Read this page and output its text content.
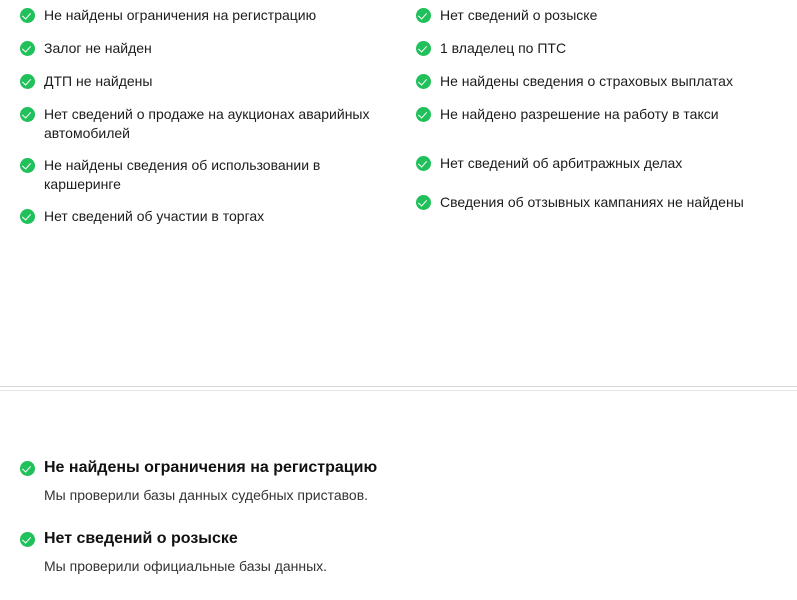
Не найдены ограничения на регистрацию
Залог не найден
ДТП не найдены
Нет сведений о продаже на аукционах аварийных автомобилей
Не найдены сведения об использовании в каршеринге
Нет сведений об участии в торгах
Нет сведений о розыске
1 владелец по ПТС
Не найдены сведения о страховых выплатах
Не найдено разрешение на работу в такси
Нет сведений об арбитражных делах
Сведения об отзывных кампаниях не найдены
Не найдены ограничения на регистрацию
Мы проверили базы данных судебных приставов.
Нет сведений о розыске
Мы проверили официальные базы данных.
